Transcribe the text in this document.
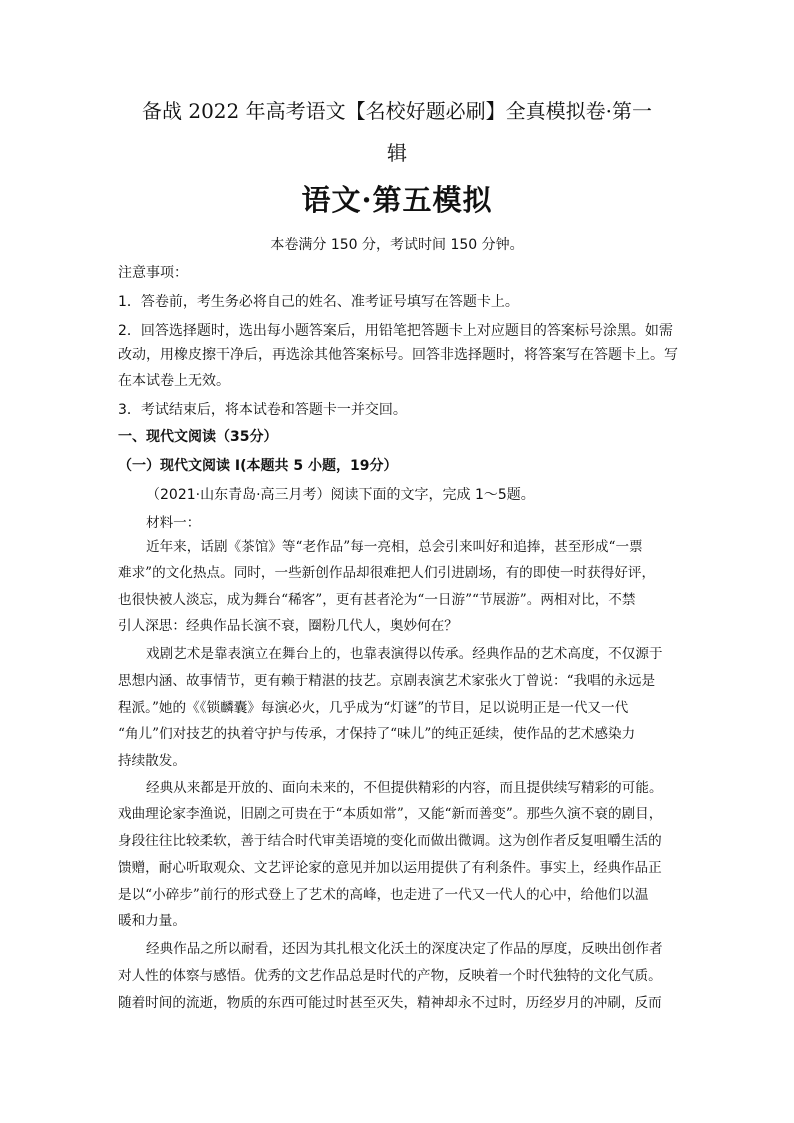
备战 2022 年高考语文【名校好题必刷】全真模拟卷·第一
辑
语文·第五模拟
本卷满分 150 分，考试时间 150 分钟。
注意事项：
1．答卷前，考生务必将自己的姓名、准考证号填写在答题卡上。
2．回答选择题时，选出每小题答案后，用铅笔把答题卡上对应题目的答案标号涂黑。如需
改动，用橡皮擦干净后，再选涂其他答案标号。回答非选择题时，将答案写在答题卡上。写
在本试卷上无效。
3．考试结束后，将本试卷和答题卡一并交回。
一、现代文阅读（35分）
（一）现代文阅读 I(本题共 5 小题，19分）
（2021·山东青岛·高三月考）阅读下面的文字，完成 1～5题。
材料一：
近年来，话剧《茶馆》等“老作品”每一亮相，总会引来叫好和追捧，甚至形成“一票
难求”的文化热点。同时，一些新创作品却很难把人们引进剧场，有的即使一时获得好评，
也很快被人淡忘，成为舞台“稀客”，更有甚者沦为“一日游”“节展游”。两相对比，不禁
引人深思：经典作品长演不衰，圈粉几代人，奥妙何在？
戏剧艺术是靠表演立在舞台上的，也靠表演得以传承。经典作品的艺术高度，不仅源于
思想内涵、故事情节，更有赖于精湛的技艺。京剧表演艺术家张火丁曾说：“我唱的永远是
程派。”她的《《锁麟囊》每演必火，几乎成为“灯谜”的节目，足以说明正是一代又一代
“角儿”们对技艺的执着守护与传承，才保持了“味儿”的纯正延续，使作品的艺术感染力
持续散发。
经典从来都是开放的、面向未来的，不但提供精彩的内容，而且提供续写精彩的可能。
戏曲理论家李渔说，旧剧之可贵在于“本质如常”，又能“新而善变”。那些久演不衰的剧目，
身段往往比较柔软，善于结合时代审美语境的变化而做出微调。这为创作者反复咀嚼生活的
馈赠，耐心听取观众、文艺评论家的意见并加以运用提供了有利条件。事实上，经典作品正
是以“小碎步”前行的形式登上了艺术的高峰，也走进了一代又一代人的心中，给他们以温
暖和力量。
经典作品之所以耐看，还因为其扎根文化沃土的深度决定了作品的厚度，反映出创作者
对人性的体察与感悟。优秀的文艺作品总是时代的产物，反映着一个时代独特的文化气质。
随着时间的流逝，物质的东西可能过时甚至灭失，精神却永不过时，历经岁月的冲刷，反而
